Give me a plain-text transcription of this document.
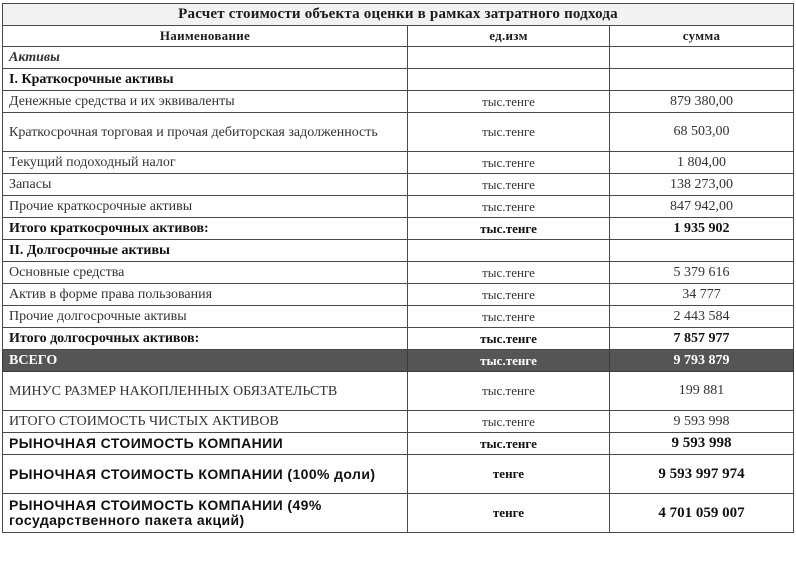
Расчет стоимости объекта оценки в рамках затратного подхода		
Наименование	ед.изм	сумма
Активы		
I. Краткосрочные активы		
Денежные средства и их эквиваленты	тыс.тенге	879 380,00
Краткосрочная торговая и прочая дебиторская задолженность	тыс.тенге	68 503,00
Текущий подоходный налог	тыс.тенге	1 804,00
Запасы	тыс.тенге	138 273,00
Прочие краткосрочные активы	тыс.тенге	847 942,00
Итого краткосрочных активов:	тыс.тенге	1 935 902
II. Долгосрочные активы		
Основные средства	тыс.тенге	5 379 616
Актив в форме права пользования	тыс.тенге	34 777
Прочие долгосрочные активы	тыс.тенге	2 443 584
Итого долгосрочных активов:	тыс.тенге	7 857 977
ВСЕГО	тыс.тенге	9 793 879
МИНУС РАЗМЕР НАКОПЛЕННЫХ ОБЯЗАТЕЛЬСТВ	тыс.тенге	199 881
ИТОГО СТОИМОСТЬ ЧИСТЫХ АКТИВОВ	тыс.тенге	9 593 998
РЫНОЧНАЯ СТОИМОСТЬ КОМПАНИИ	тыс.тенге	9 593 998
РЫНОЧНАЯ СТОИМОСТЬ КОМПАНИИ (100% доли)	тенге	9 593 997 974
РЫНОЧНАЯ СТОИМОСТЬ КОМПАНИИ (49% государственного пакета акций)	тенге	4 701 059 007
